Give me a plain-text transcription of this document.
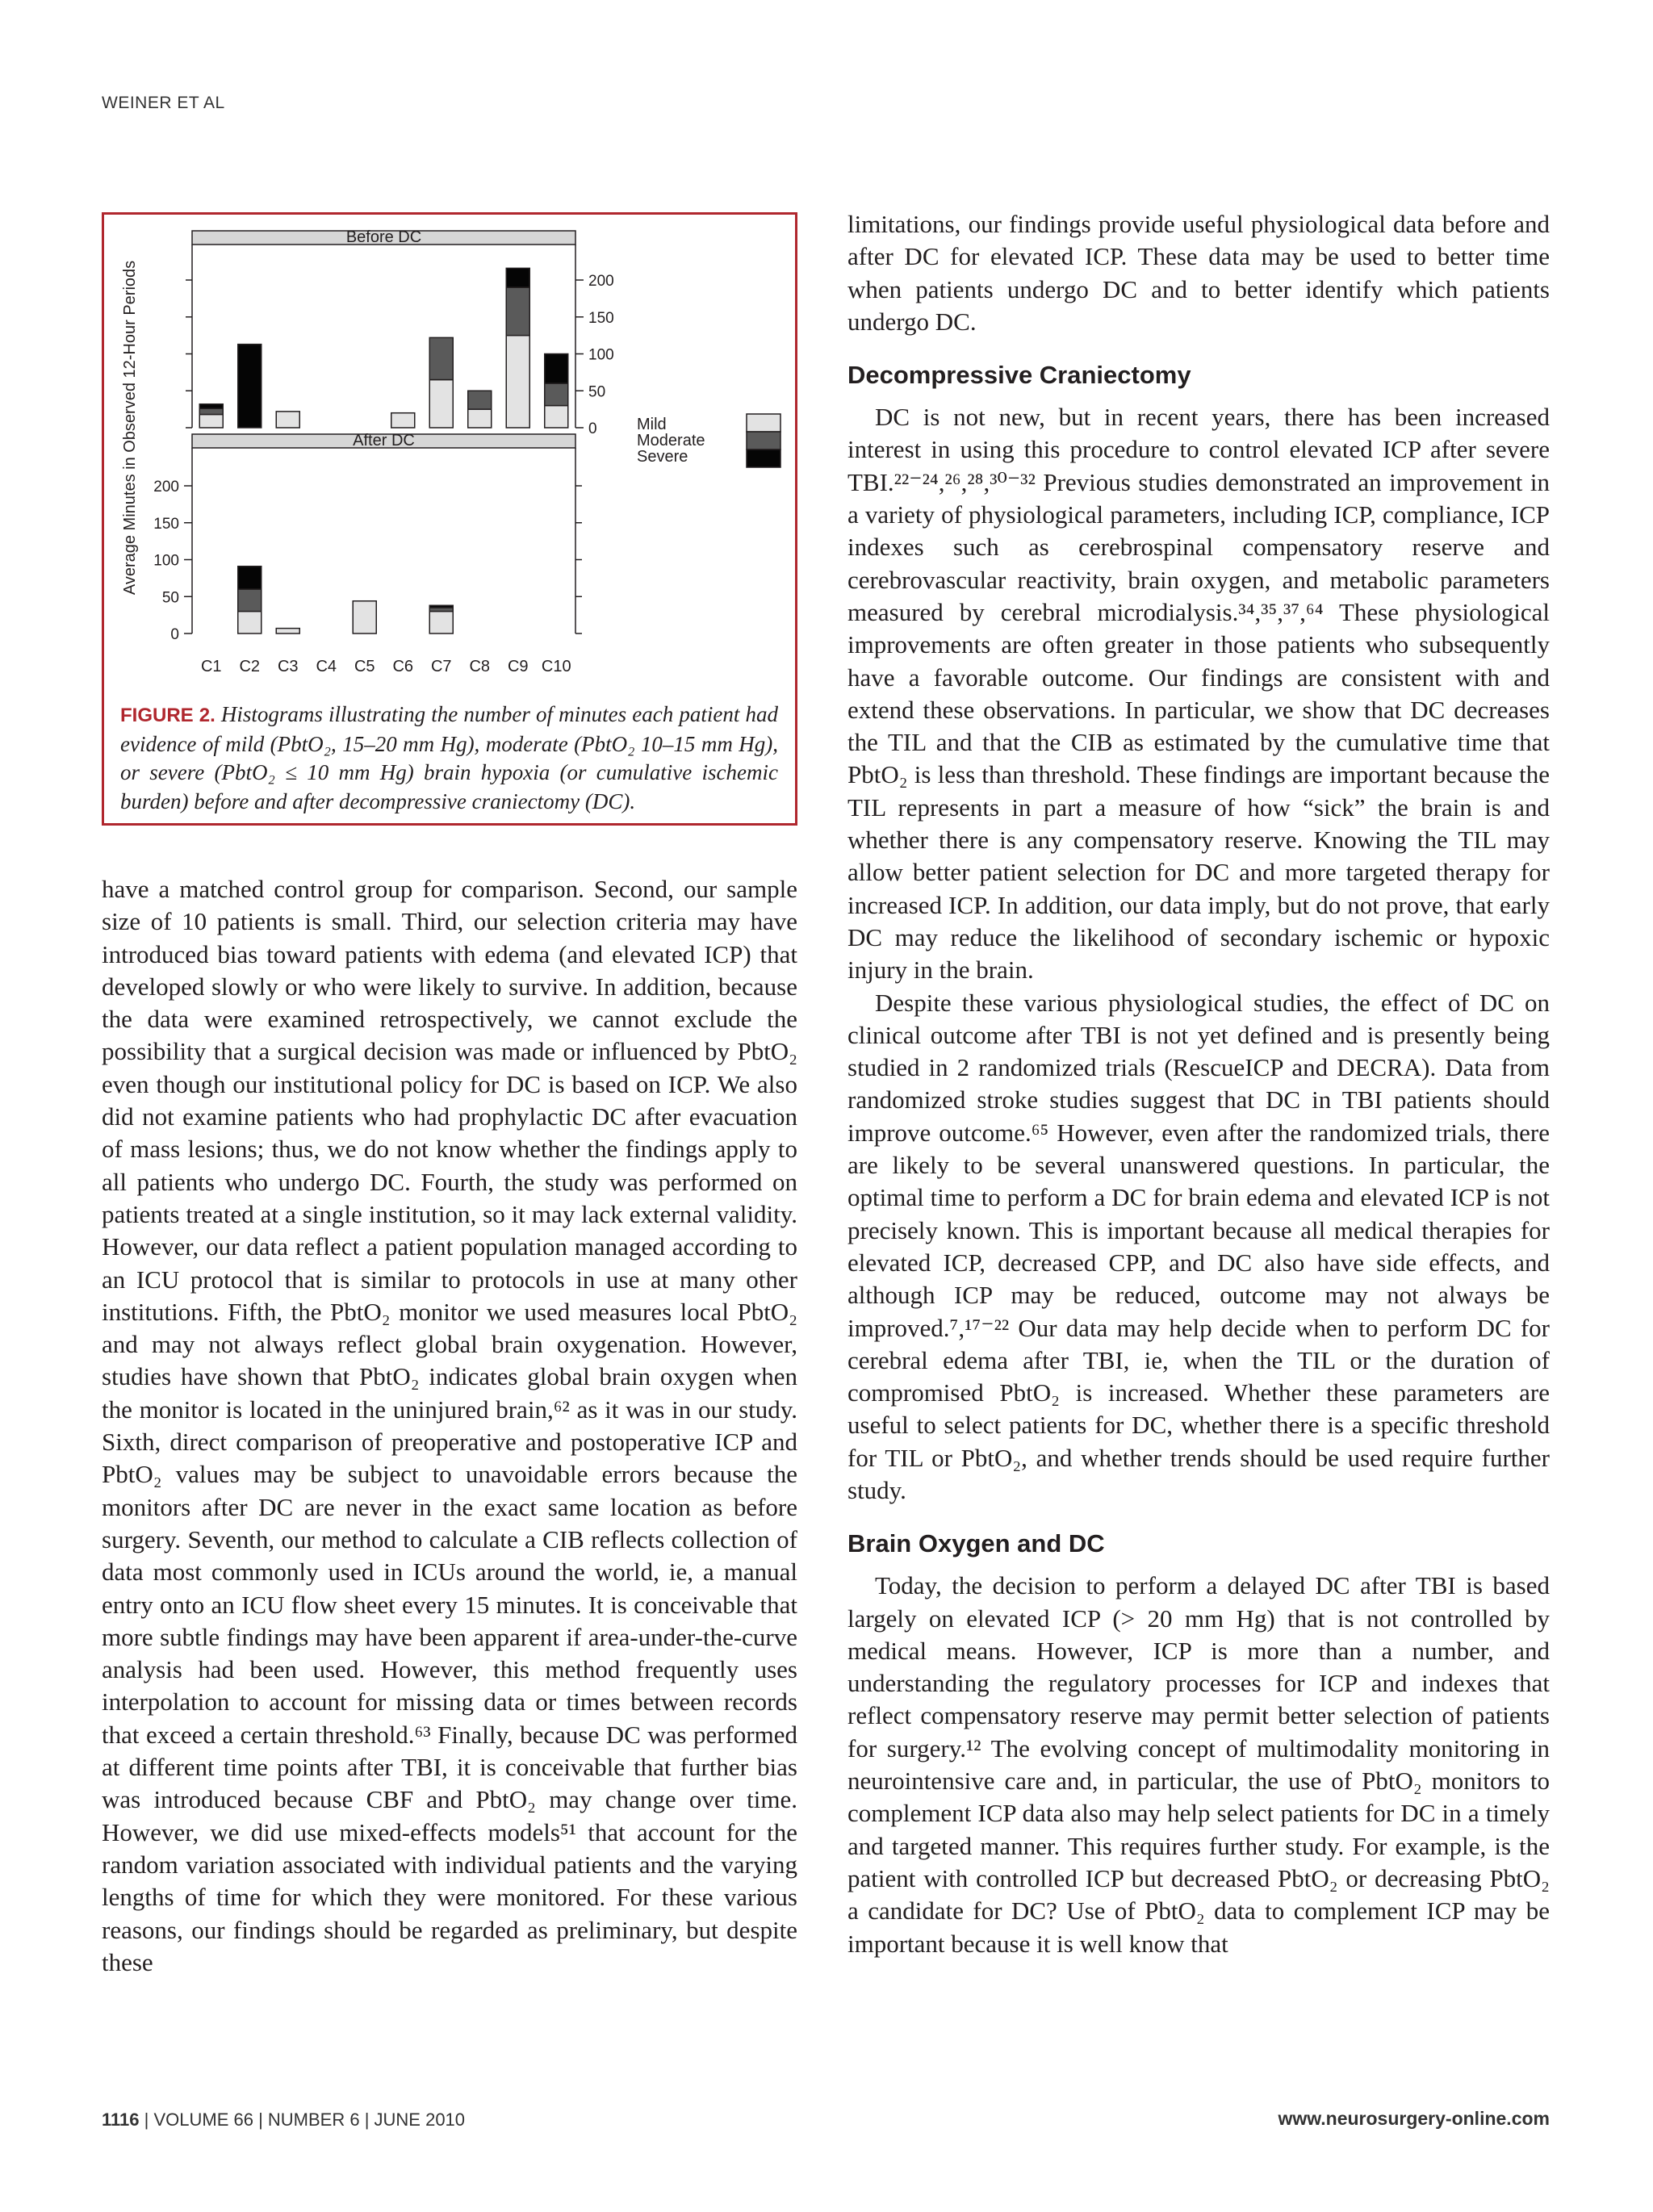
WEINER ET AL
Average Minutes in Observed 12-Hour Periods
Before DC
0
50
100
150
200
After DC
0
50
100
150
200
C1 C2 C3 C4 C5 C6 C7 C8 C9 C10
Mild
Moderate
Severe
FIGURE 2. Histograms illustrating the number of minutes each patient had evidence of mild (PbtO₂, 15–20 mm Hg), moderate (PbtO₂ 10–15 mm Hg), or severe (PbtO₂ ≤ 10 mm Hg) brain hypoxia (or cumulative ischemic burden) before and after decompressive craniectomy (DC).

have a matched control group for comparison. Second, our sample size of 10 patients is small. Third, our selection criteria may have introduced bias toward patients with edema (and elevated ICP) that developed slowly or who were likely to survive. In addition, because the data were examined retrospectively, we cannot exclude the possibility that a surgical decision was made or influenced by PbtO₂ even though our institutional policy for DC is based on ICP. We also did not examine patients who had prophylactic DC after evacuation of mass lesions; thus, we do not know whether the findings apply to all patients who undergo DC. Fourth, the study was performed on patients treated at a single institution, so it may lack external validity. However, our data reflect a patient population managed according to an ICU protocol that is similar to protocols in use at many other institutions. Fifth, the PbtO₂ monitor we used measures local PbtO₂ and may not always reflect global brain oxygenation. However, studies have shown that PbtO₂ indicates global brain oxygen when the monitor is located in the uninjured brain,⁶² as it was in our study. Sixth, direct comparison of preoperative and postoperative ICP and PbtO₂ values may be subject to unavoidable errors because the monitors after DC are never in the exact same location as before surgery. Seventh, our method to calculate a CIB reflects collection of data most commonly used in ICUs around the world, ie, a manual entry onto an ICU flow sheet every 15 minutes. It is conceivable that more subtle findings may have been apparent if area-under-the-curve analysis had been used. However, this method frequently uses interpolation to account for missing data or times between records that exceed a certain threshold.⁶³ Finally, because DC was performed at different time points after TBI, it is conceivable that further bias was introduced because CBF and PbtO₂ may change over time. However, we did use mixed-effects models⁵¹ that account for the random variation associated with individual patients and the varying lengths of time for which they were monitored. For these various reasons, our findings should be regarded as preliminary, but despite these

limitations, our findings provide useful physiological data before and after DC for elevated ICP. These data may be used to better time when patients undergo DC and to better identify which patients undergo DC.

Decompressive Craniectomy

DC is not new, but in recent years, there has been increased interest in using this procedure to control elevated ICP after severe TBI.²²⁻²⁴,²⁶,²⁸,³⁰⁻³² Previous studies demonstrated an improvement in a variety of physiological parameters, including ICP, compliance, ICP indexes such as cerebrospinal compensatory reserve and cerebrovascular reactivity, brain oxygen, and metabolic parameters measured by cerebral microdialysis.³⁴,³⁵,³⁷,⁶⁴ These physiological improvements are often greater in those patients who subsequently have a favorable outcome. Our findings are consistent with and extend these observations. In particular, we show that DC decreases the TIL and that the CIB as estimated by the cumulative time that PbtO₂ is less than threshold. These findings are important because the TIL represents in part a measure of how “sick” the brain is and whether there is any compensatory reserve. Knowing the TIL may allow better patient selection for DC and more targeted therapy for increased ICP. In addition, our data imply, but do not prove, that early DC may reduce the likelihood of secondary ischemic or hypoxic injury in the brain.

Despite these various physiological studies, the effect of DC on clinical outcome after TBI is not yet defined and is presently being studied in 2 randomized trials (RescueICP and DECRA). Data from randomized stroke studies suggest that DC in TBI patients should improve outcome.⁶⁵ However, even after the randomized trials, there are likely to be several unanswered questions. In particular, the optimal time to perform a DC for brain edema and elevated ICP is not precisely known. This is important because all medical therapies for elevated ICP, decreased CPP, and DC also have side effects, and although ICP may be reduced, outcome may not always be improved.⁷,¹⁷⁻²² Our data may help decide when to perform DC for cerebral edema after TBI, ie, when the TIL or the duration of compromised PbtO₂ is increased. Whether these parameters are useful to select patients for DC, whether there is a specific threshold for TIL or PbtO₂, and whether trends should be used require further study.

Brain Oxygen and DC

Today, the decision to perform a delayed DC after TBI is based largely on elevated ICP (> 20 mm Hg) that is not controlled by medical means. However, ICP is more than a number, and understanding the regulatory processes for ICP and indexes that reflect compensatory reserve may permit better selection of patients for surgery.¹² The evolving concept of multimodality monitoring in neurointensive care and, in particular, the use of PbtO₂ monitors to complement ICP data also may help select patients for DC in a timely and targeted manner. This requires further study. For example, is the patient with controlled ICP but decreased PbtO₂ or decreasing PbtO₂ a candidate for DC? Use of PbtO₂ data to complement ICP may be important because it is well know that

1116 | VOLUME 66 | NUMBER 6 | JUNE 2010	www.neurosurgery-online.com
